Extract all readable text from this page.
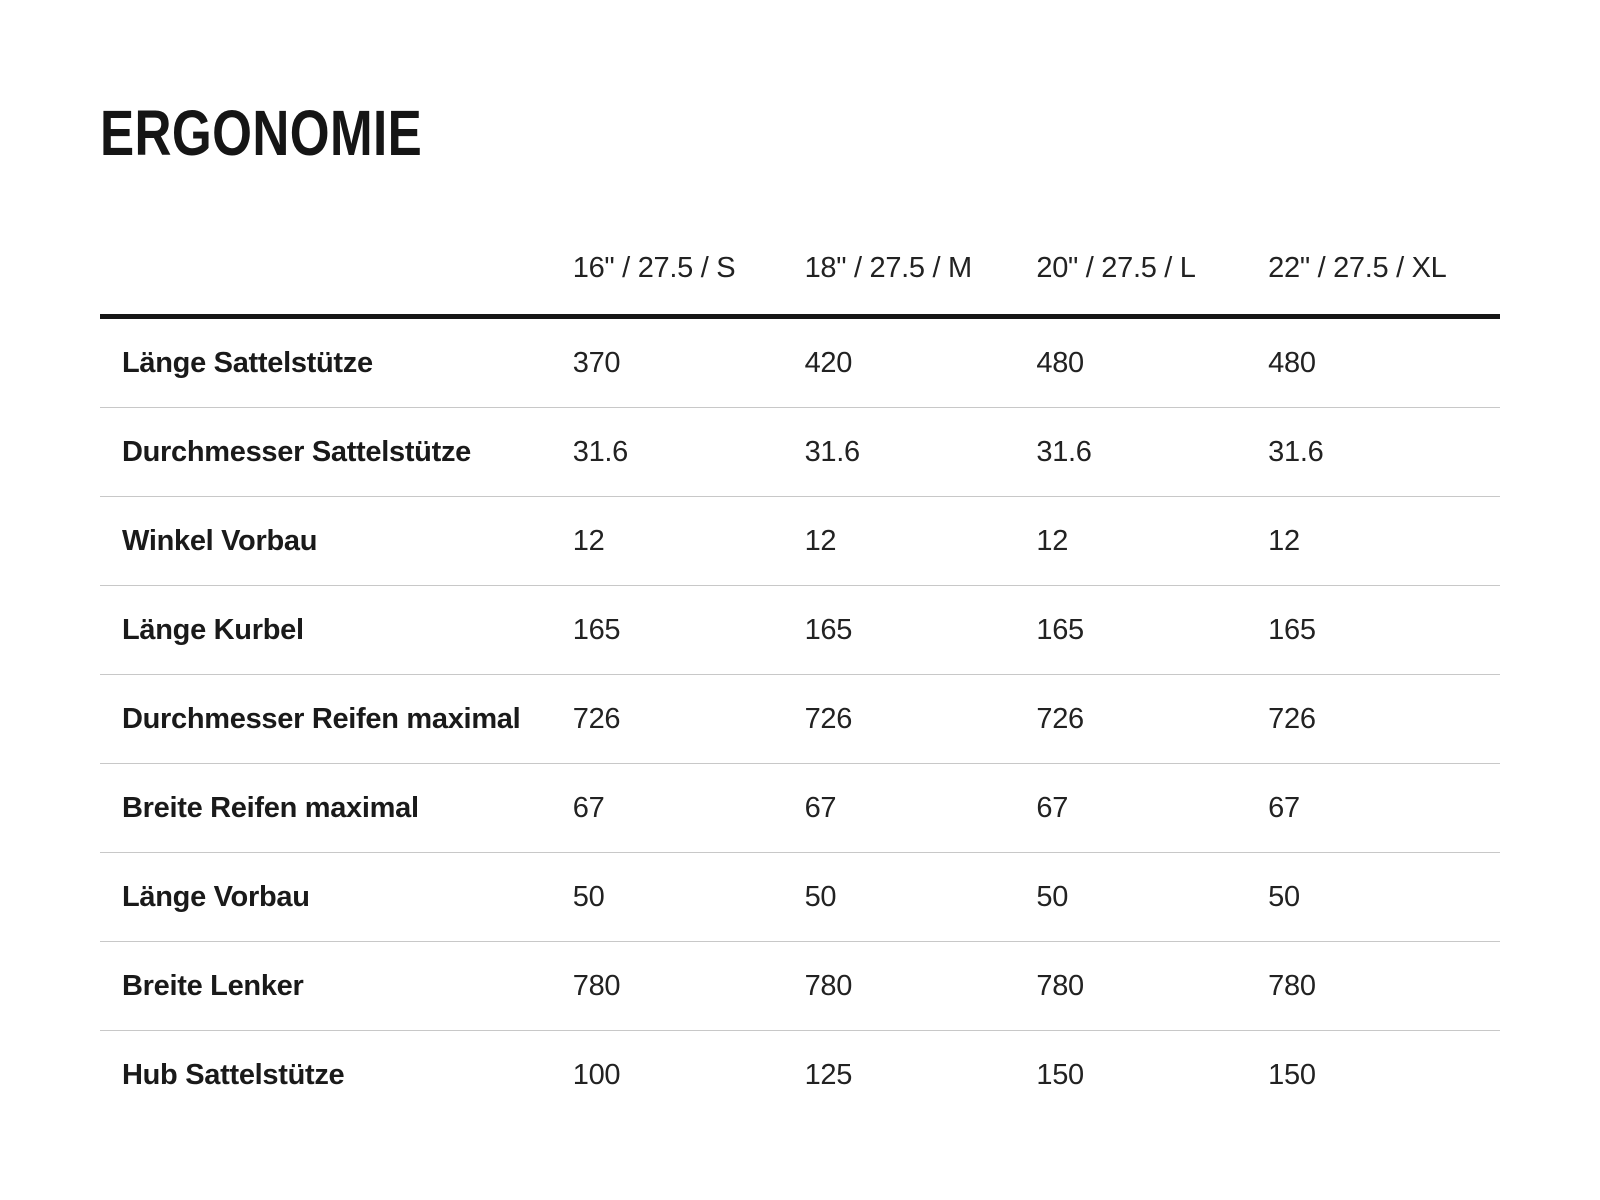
ERGONOMIE
	16" / 27.5 / S	18" / 27.5 / M	20" / 27.5 / L	22" / 27.5 / XL
Länge Sattelstütze	370	420	480	480
Durchmesser Sattelstütze	31.6	31.6	31.6	31.6
Winkel Vorbau	12	12	12	12
Länge Kurbel	165	165	165	165
Durchmesser Reifen maximal	726	726	726	726
Breite Reifen maximal	67	67	67	67
Länge Vorbau	50	50	50	50
Breite Lenker	780	780	780	780
Hub Sattelstütze	100	125	150	150
